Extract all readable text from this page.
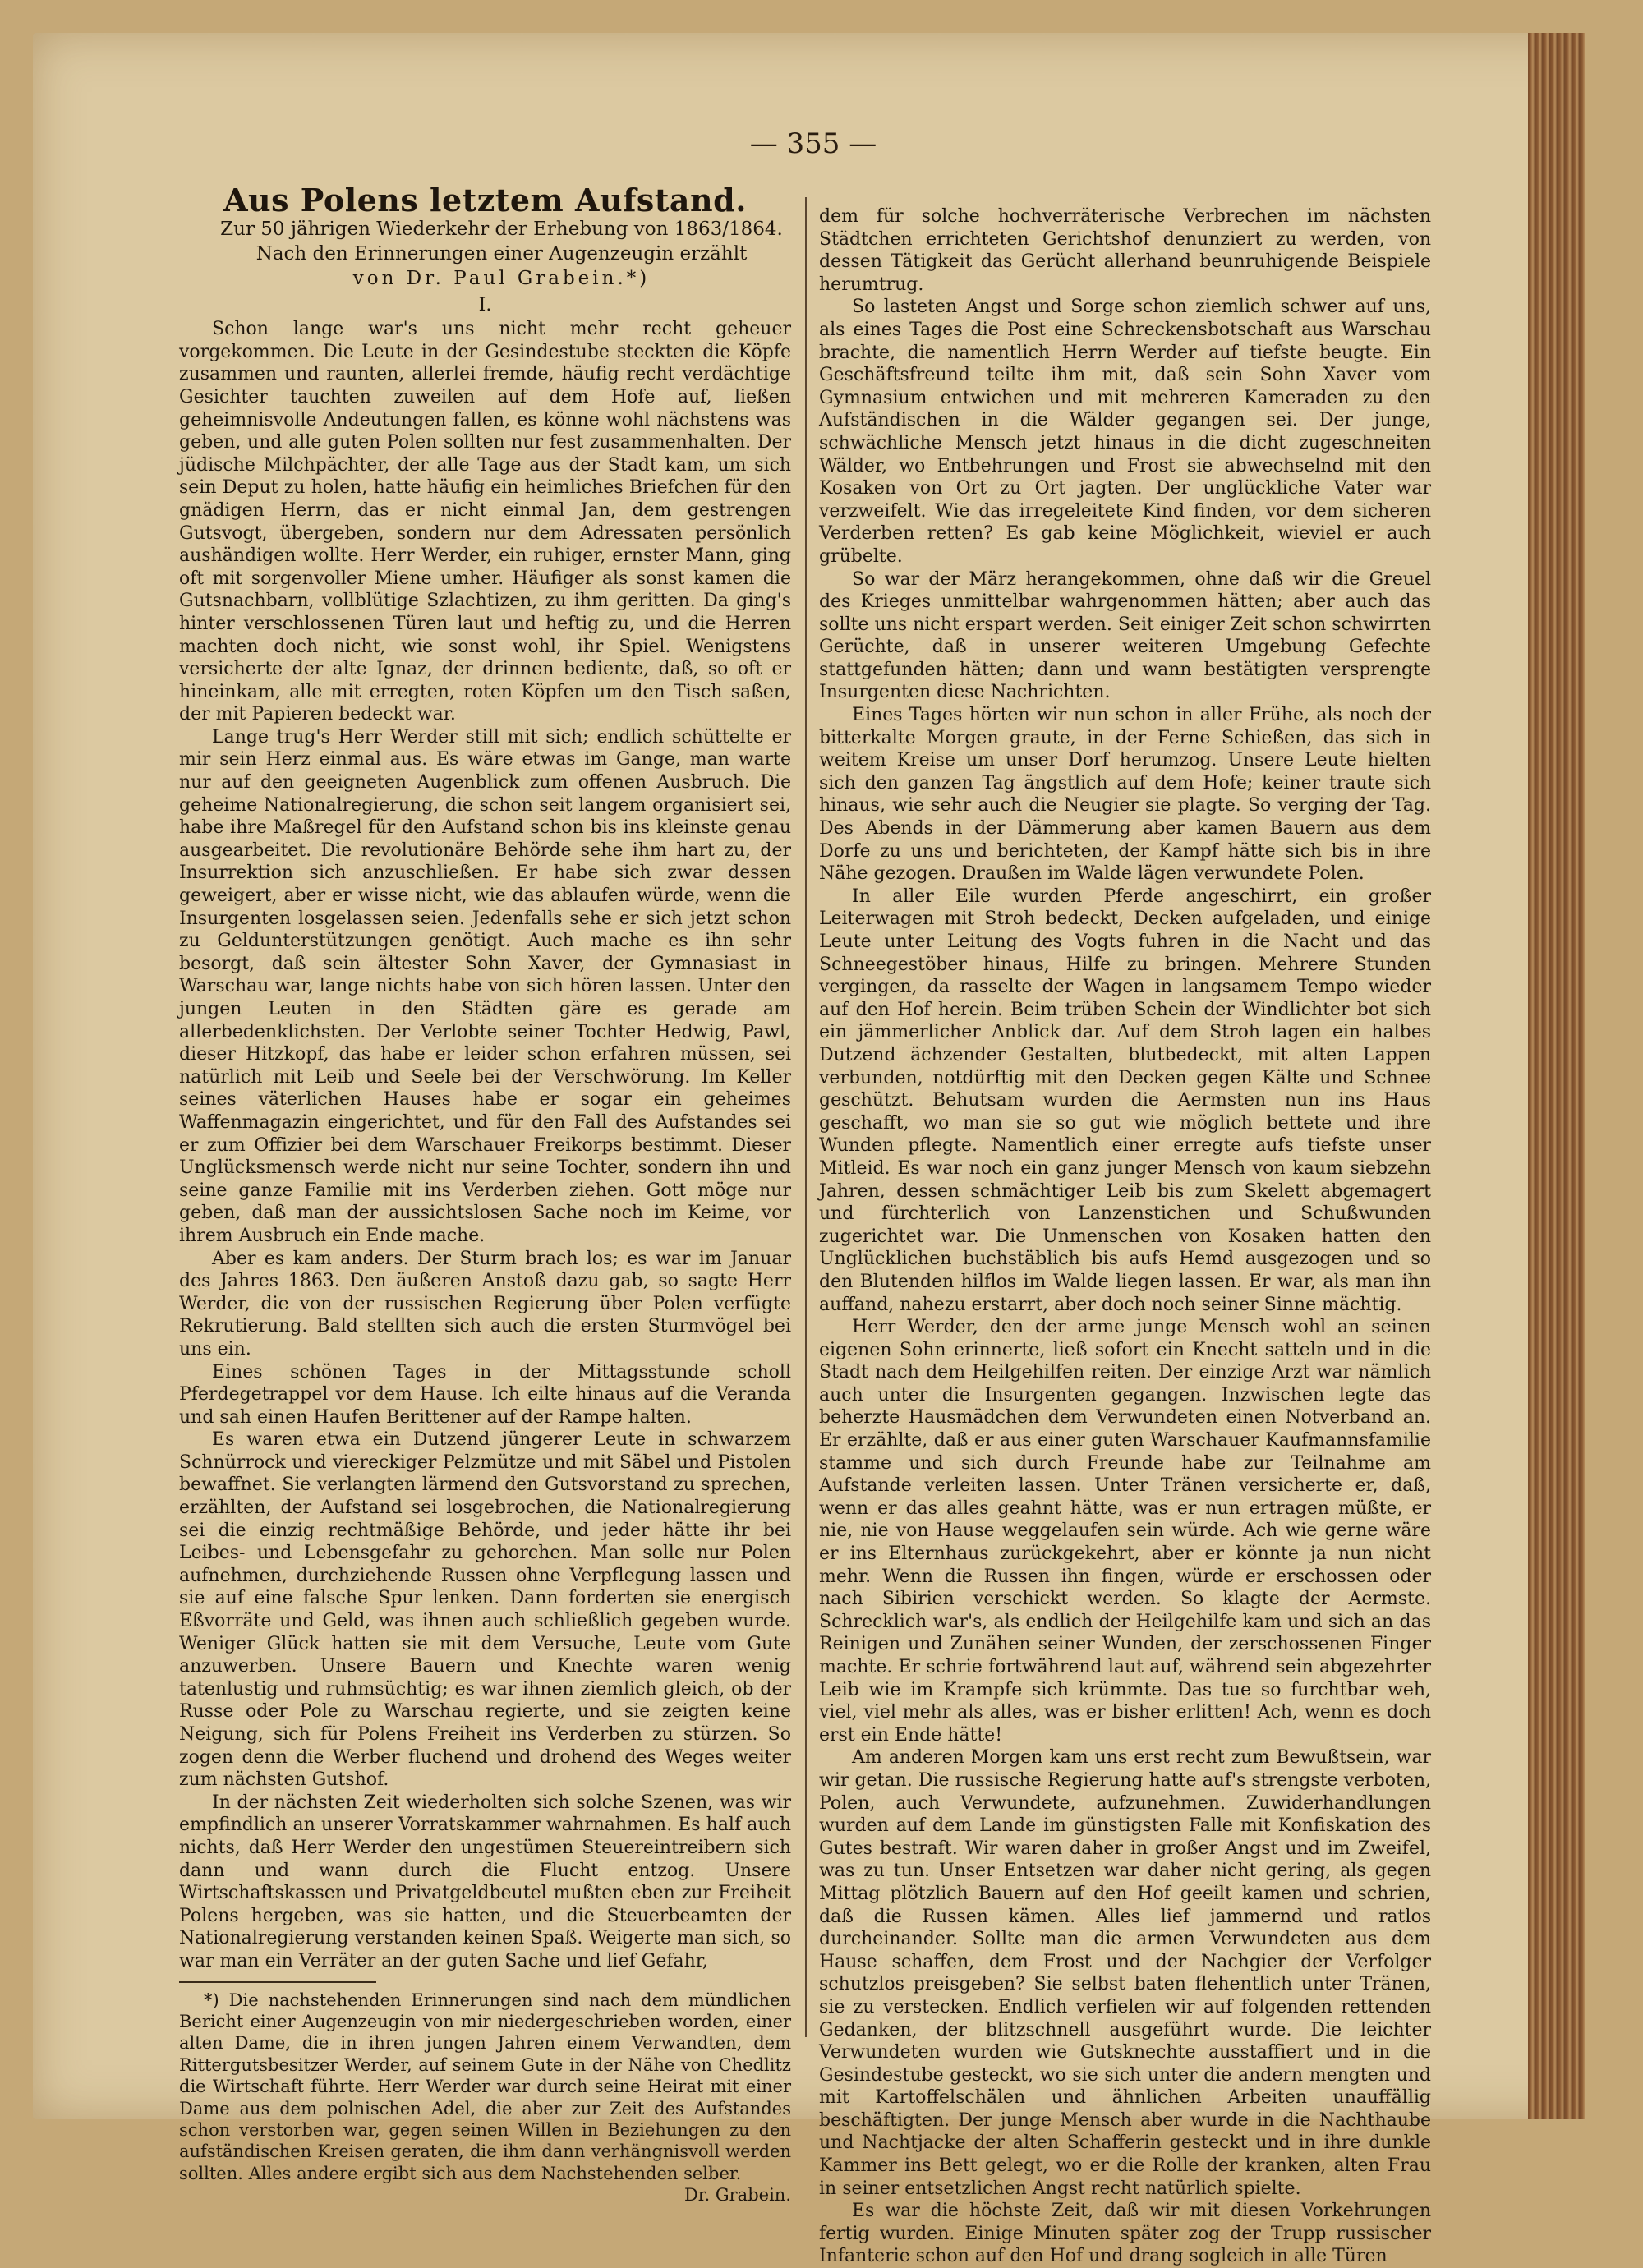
— 355 —
Aus Polens letztem Aufstand.

Zur 50 jährigen Wiederkehr der Erhebung von 1863/1864.

Nach den Erinnerungen einer Augenzeugin erzählt

von Dr. Paul Grabein.*)

I.

Schon lange war's uns nicht mehr recht geheuer vorgekommen. Die Leute in der Gesindestube steckten die Köpfe zusammen und raunten, allerlei fremde, häufig recht verdächtige Gesichter tauchten zuweilen auf dem Hofe auf, ließen geheimnisvolle Andeutungen fallen, es könne wohl nächstens was geben, und alle guten Polen sollten nur fest zusammenhalten. Der jüdische Milchpächter, der alle Tage aus der Stadt kam, um sich sein Deput zu holen, hatte häufig ein heimliches Briefchen für den gnädigen Herrn, das er nicht einmal Jan, dem gestrengen Gutsvogt, übergeben, sondern nur dem Adressaten persönlich aushändigen wollte. Herr Werder, ein ruhiger, ernster Mann, ging oft mit sorgenvoller Miene umher. Häufiger als sonst kamen die Gutsnachbarn, vollblütige Szlachtizen, zu ihm geritten. Da ging's hinter verschlossenen Türen laut und heftig zu, und die Herren machten doch nicht, wie sonst wohl, ihr Spiel. Wenigstens versicherte der alte Ignaz, der drinnen bediente, daß, so oft er hineinkam, alle mit erregten, roten Köpfen um den Tisch saßen, der mit Papieren bedeckt war.

Lange trug's Herr Werder still mit sich; endlich schüttelte er mir sein Herz einmal aus. Es wäre etwas im Gange, man warte nur auf den geeigneten Augenblick zum offenen Ausbruch. Die geheime Nationalregierung, die schon seit langem organisiert sei, habe ihre Maßregel für den Aufstand schon bis ins kleinste genau ausgearbeitet. Die revolutionäre Behörde sehe ihm hart zu, der Insurrektion sich anzuschließen. Er habe sich zwar dessen geweigert, aber er wisse nicht, wie das ablaufen würde, wenn die Insurgenten losgelassen seien. Jedenfalls sehe er sich jetzt schon zu Geldunterstützungen genötigt. Auch mache es ihn sehr besorgt, daß sein ältester Sohn Xaver, der Gymnasiast in Warschau war, lange nichts habe von sich hören lassen. Unter den jungen Leuten in den Städten gäre es gerade am allerbedenklichsten. Der Verlobte seiner Tochter Hedwig, Pawl, dieser Hitzkopf, das habe er leider schon erfahren müssen, sei natürlich mit Leib und Seele bei der Verschwörung. Im Keller seines väterlichen Hauses habe er sogar ein geheimes Waffenmagazin eingerichtet, und für den Fall des Aufstandes sei er zum Offizier bei dem Warschauer Freikorps bestimmt. Dieser Unglücksmensch werde nicht nur seine Tochter, sondern ihn und seine ganze Familie mit ins Verderben ziehen. Gott möge nur geben, daß man der aussichtslosen Sache noch im Keime, vor ihrem Ausbruch ein Ende mache.

Aber es kam anders. Der Sturm brach los; es war im Januar des Jahres 1863. Den äußeren Anstoß dazu gab, so sagte Herr Werder, die von der russischen Regierung über Polen verfügte Rekrutierung. Bald stellten sich auch die ersten Sturmvögel bei uns ein.

Eines schönen Tages in der Mittagsstunde scholl Pferdegetrappel vor dem Hause. Ich eilte hinaus auf die Veranda und sah einen Haufen Berittener auf der Rampe halten.

Es waren etwa ein Dutzend jüngerer Leute in schwarzem Schnürrock und viereckiger Pelzmütze und mit Säbel und Pistolen bewaffnet. Sie verlangten lärmend den Gutsvorstand zu sprechen, erzählten, der Aufstand sei losgebrochen, die Nationalregierung sei die einzig rechtmäßige Behörde, und jeder hätte ihr bei Leibes- und Lebensgefahr zu gehorchen. Man solle nur Polen aufnehmen, durchziehende Russen ohne Verpflegung lassen und sie auf eine falsche Spur lenken. Dann forderten sie energisch Eßvorräte und Geld, was ihnen auch schließlich gegeben wurde. Weniger Glück hatten sie mit dem Versuche, Leute vom Gute anzuwerben. Unsere Bauern und Knechte waren wenig tatenlustig und ruhmsüchtig; es war ihnen ziemlich gleich, ob der Russe oder Pole zu Warschau regierte, und sie zeigten keine Neigung, sich für Polens Freiheit ins Verderben zu stürzen. So zogen denn die Werber fluchend und drohend des Weges weiter zum nächsten Gutshof.

In der nächsten Zeit wiederholten sich solche Szenen, was wir empfindlich an unserer Vorratskammer wahrnahmen. Es half auch nichts, daß Herr Werder den ungestümen Steuereintreibern sich dann und wann durch die Flucht entzog. Unsere Wirtschaftskassen und Privatgeldbeutel mußten eben zur Freiheit Polens hergeben, was sie hatten, und die Steuerbeamten der Nationalregierung verstanden keinen Spaß. Weigerte man sich, so war man ein Verräter an der guten Sache und lief Gefahr,

*) Die nachstehenden Erinnerungen sind nach dem mündlichen Bericht einer Augenzeugin von mir niedergeschrieben worden, einer alten Dame, die in ihren jungen Jahren einem Verwandten, dem Rittergutsbesitzer Werder, auf seinem Gute in der Nähe von Chedlitz die Wirtschaft führte. Herr Werder war durch seine Heirat mit einer Dame aus dem polnischen Adel, die aber zur Zeit des Aufstandes schon verstorben war, gegen seinen Willen in Beziehungen zu den aufständischen Kreisen geraten, die ihm dann verhängnisvoll werden sollten. Alles andere ergibt sich aus dem Nachstehenden selber.

Dr. Grabein.

dem für solche hochverräterische Verbrechen im nächsten Städtchen errichteten Gerichtshof denunziert zu werden, von dessen Tätigkeit das Gerücht allerhand beunruhigende Beispiele herumtrug.

So lasteten Angst und Sorge schon ziemlich schwer auf uns, als eines Tages die Post eine Schreckensbotschaft aus Warschau brachte, die namentlich Herrn Werder auf tiefste beugte. Ein Geschäftsfreund teilte ihm mit, daß sein Sohn Xaver vom Gymnasium entwichen und mit mehreren Kameraden zu den Aufständischen in die Wälder gegangen sei. Der junge, schwächliche Mensch jetzt hinaus in die dicht zugeschneiten Wälder, wo Entbehrungen und Frost sie abwechselnd mit den Kosaken von Ort zu Ort jagten. Der unglückliche Vater war verzweifelt. Wie das irregeleitete Kind finden, vor dem sicheren Verderben retten? Es gab keine Möglichkeit, wieviel er auch grübelte.

So war der März herangekommen, ohne daß wir die Greuel des Krieges unmittelbar wahrgenommen hätten; aber auch das sollte uns nicht erspart werden. Seit einiger Zeit schon schwirrten Gerüchte, daß in unserer weiteren Umgebung Gefechte stattgefunden hätten; dann und wann bestätigten versprengte Insurgenten diese Nachrichten.

Eines Tages hörten wir nun schon in aller Frühe, als noch der bitterkalte Morgen graute, in der Ferne Schießen, das sich in weitem Kreise um unser Dorf herumzog. Unsere Leute hielten sich den ganzen Tag ängstlich auf dem Hofe; keiner traute sich hinaus, wie sehr auch die Neugier sie plagte. So verging der Tag. Des Abends in der Dämmerung aber kamen Bauern aus dem Dorfe zu uns und berichteten, der Kampf hätte sich bis in ihre Nähe gezogen. Draußen im Walde lägen verwundete Polen.

In aller Eile wurden Pferde angeschirrt, ein großer Leiterwagen mit Stroh bedeckt, Decken aufgeladen, und einige Leute unter Leitung des Vogts fuhren in die Nacht und das Schneegestöber hinaus, Hilfe zu bringen. Mehrere Stunden vergingen, da rasselte der Wagen in langsamem Tempo wieder auf den Hof herein. Beim trüben Schein der Windlichter bot sich ein jämmerlicher Anblick dar. Auf dem Stroh lagen ein halbes Dutzend ächzender Gestalten, blutbedeckt, mit alten Lappen verbunden, notdürftig mit den Decken gegen Kälte und Schnee geschützt. Behutsam wurden die Aermsten nun ins Haus geschafft, wo man sie so gut wie möglich bettete und ihre Wunden pflegte. Namentlich einer erregte aufs tiefste unser Mitleid. Es war noch ein ganz junger Mensch von kaum siebzehn Jahren, dessen schmächtiger Leib bis zum Skelett abgemagert und fürchterlich von Lanzenstichen und Schußwunden zugerichtet war. Die Unmenschen von Kosaken hatten den Unglücklichen buchstäblich bis aufs Hemd ausgezogen und so den Blutenden hilflos im Walde liegen lassen. Er war, als man ihn auffand, nahezu erstarrt, aber doch noch seiner Sinne mächtig.

Herr Werder, den der arme junge Mensch wohl an seinen eigenen Sohn erinnerte, ließ sofort ein Knecht satteln und in die Stadt nach dem Heilgehilfen reiten. Der einzige Arzt war nämlich auch unter die Insurgenten gegangen. Inzwischen legte das beherzte Hausmädchen dem Verwundeten einen Notverband an. Er erzählte, daß er aus einer guten Warschauer Kaufmannsfamilie stamme und sich durch Freunde habe zur Teilnahme am Aufstande verleiten lassen. Unter Tränen versicherte er, daß, wenn er das alles geahnt hätte, was er nun ertragen müßte, er nie, nie von Hause weggelaufen sein würde. Ach wie gerne wäre er ins Elternhaus zurückgekehrt, aber er könnte ja nun nicht mehr. Wenn die Russen ihn fingen, würde er erschossen oder nach Sibirien verschickt werden. So klagte der Aermste. Schrecklich war's, als endlich der Heilgehilfe kam und sich an das Reinigen und Zunähen seiner Wunden, der zerschossenen Finger machte. Er schrie fortwährend laut auf, während sein abgezehrter Leib wie im Krampfe sich krümmte. Das tue so furchtbar weh, viel, viel mehr als alles, was er bisher erlitten! Ach, wenn es doch erst ein Ende hätte!

Am anderen Morgen kam uns erst recht zum Bewußtsein, war wir getan. Die russische Regierung hatte auf's strengste verboten, Polen, auch Verwundete, aufzunehmen. Zuwiderhandlungen wurden auf dem Lande im günstigsten Falle mit Konfiskation des Gutes bestraft. Wir waren daher in großer Angst und im Zweifel, was zu tun. Unser Entsetzen war daher nicht gering, als gegen Mittag plötzlich Bauern auf den Hof geeilt kamen und schrien, daß die Russen kämen. Alles lief jammernd und ratlos durcheinander. Sollte man die armen Verwundeten aus dem Hause schaffen, dem Frost und der Nachgier der Verfolger schutzlos preisgeben? Sie selbst baten flehentlich unter Tränen, sie zu verstecken. Endlich verfielen wir auf folgenden rettenden Gedanken, der blitzschnell ausgeführt wurde. Die leichter Verwundeten wurden wie Gutsknechte ausstaffiert und in die Gesindestube gesteckt, wo sie sich unter die andern mengten und mit Kartoffelschälen und ähnlichen Arbeiten unauffällig beschäftigten. Der junge Mensch aber wurde in die Nachthaube und Nachtjacke der alten Schafferin gesteckt und in ihre dunkle Kammer ins Bett gelegt, wo er die Rolle der kranken, alten Frau in seiner entsetzlichen Angst recht natürlich spielte.

Es war die höchste Zeit, daß wir mit diesen Vorkehrungen fertig wurden. Einige Minuten später zog der Trupp russischer Infanterie schon auf den Hof und drang sogleich in alle Türen
